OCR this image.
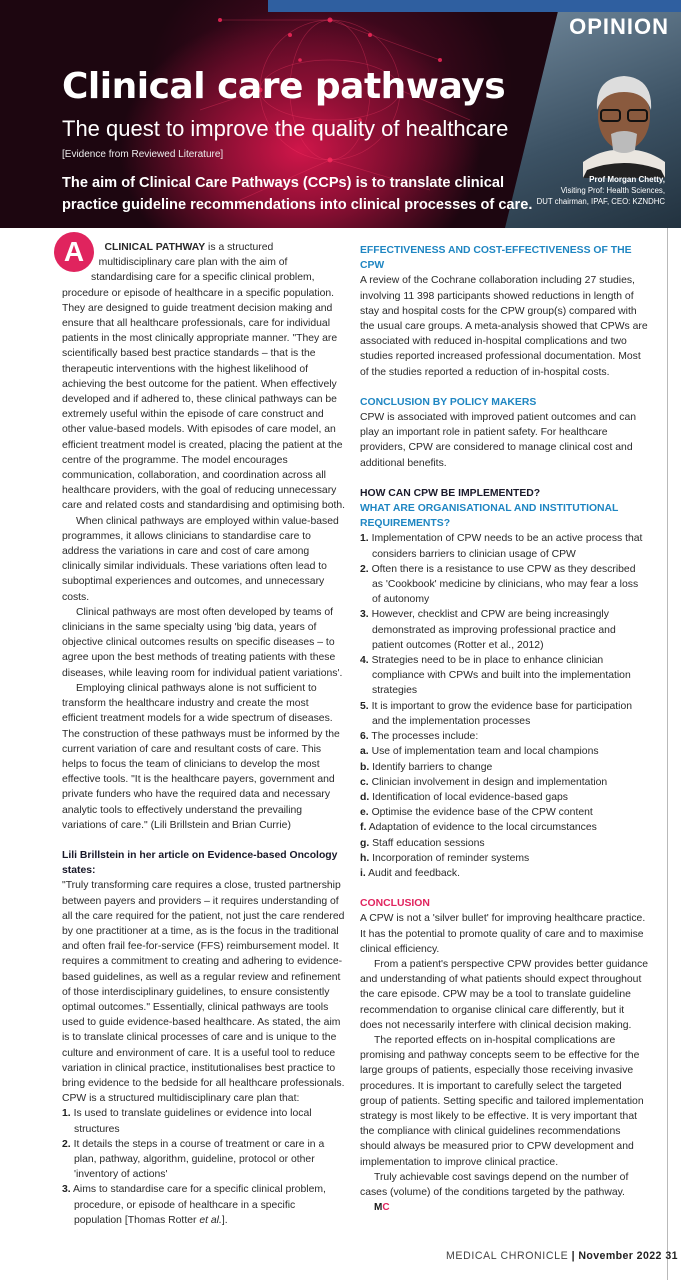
OPINION
Clinical care pathways
The quest to improve the quality of healthcare
[Evidence from Reviewed Literature]
The aim of Clinical Care Pathways (CCPs) is to translate clinical practice guideline recommendations into clinical processes of care.
Prof Morgan Chetty,
Visiting Prof: Health Sciences,
DUT chairman, IPAF, CEO: KZNDHC

A	CLINICAL PATHWAY is a structured multidisciplinary care plan with the aim of standardising care for a specific clinical problem, procedure or episode of healthcare in a specific population. They are designed to guide treatment decision making and ensure that all healthcare professionals, care for individual patients in the most clinically appropriate manner. "They are scientifically based best practice standards – that is the therapeutic interventions with the highest likelihood of achieving the best outcome for the patient. When effectively developed and if adhered to, these clinical pathways can be extremely useful within the episode of care construct and other value-based models. With episodes of care model, an efficient treatment model is created, placing the patient at the centre of the programme. The model encourages communication, collaboration, and coordination across all healthcare providers, with the goal of reducing unnecessary care and related costs and standardising and optimising both.

When clinical pathways are employed within value-based programmes, it allows clinicians to standardise care to address the variations in care and cost of care among clinically similar individuals. These variations often lead to suboptimal experiences and outcomes, and unnecessary costs.

Clinical pathways are most often developed by teams of clinicians in the same specialty using 'big data, years of objective clinical outcomes results on specific diseases – to agree upon the best methods of treating patients with these diseases, while leaving room for individual patient variations'.

Employing clinical pathways alone is not sufficient to transform the healthcare industry and create the most efficient treatment models for a wide spectrum of diseases. The construction of these pathways must be informed by the current variation of care and resultant costs of care. This helps to focus the team of clinicians to develop the most effective tools. "It is the healthcare payers, government and private funders who have the required data and necessary analytic tools to effectively understand the prevailing variations of care." (Lili Brillstein and Brian Currie)

Lili Brillstein in her article on Evidence-based Oncology states:

"Truly transforming care requires a close, trusted partnership between payers and providers – it requires understanding of all the care required for the patient, not just the care rendered by one practitioner at a time, as is the focus in the traditional and often frail fee-for-service (FFS) reimbursement model. It requires a commitment to creating and adhering to evidence-based guidelines, as well as a regular review and refinement of those interdisciplinary guidelines, to ensure consistently optimal outcomes." Essentially, clinical pathways are tools used to guide evidence-based healthcare. As stated, the aim is to translate clinical processes of care and is unique to the culture and environment of care. It is a useful tool to reduce variation in clinical practice, institutionalises best practice to bring evidence to the bedside for all healthcare professionals.

CPW is a structured multidisciplinary care plan that:

1. Is used to translate guidelines or evidence into local structures

2. It details the steps in a course of treatment or care in a plan, pathway, algorithm, guideline, protocol or other 'inventory of actions'

3. Aims to standardise care for a specific clinical problem, procedure, or episode of healthcare in a specific population [Thomas Rotter et al.].

EFFECTIVENESS AND COST-EFFECTIVENESS OF THE CPW

A review of the Cochrane collaboration including 27 studies, involving 11 398 participants showed reductions in length of stay and hospital costs for the CPW group(s) compared with the usual care groups. A meta-analysis showed that CPWs are associated with reduced in-hospital complications and two studies reported increased professional documentation. Most of the studies reported a reduction of in-hospital costs.

CONCLUSION BY POLICY MAKERS

CPW is associated with improved patient outcomes and can play an important role in patient safety. For healthcare providers, CPW are considered to manage clinical cost and additional benefits.

HOW CAN CPW BE IMPLEMENTED?

WHAT ARE ORGANISATIONAL AND INSTITUTIONAL REQUIREMENTS?

1. Implementation of CPW needs to be an active process that considers barriers to clinician usage of CPW

2. Often there is a resistance to use CPW as they described as 'Cookbook' medicine by clinicians, who may fear a loss of autonomy

3. However, checklist and CPW are being increasingly demonstrated as improving professional practice and patient outcomes (Rotter et al., 2012)

4. Strategies need to be in place to enhance clinician compliance with CPWs and built into the implementation strategies

5. It is important to grow the evidence base for participation and the implementation processes

6. The processes include:

a. Use of implementation team and local champions

b. Identify barriers to change

c. Clinician involvement in design and implementation

d. Identification of local evidence-based gaps

e. Optimise the evidence base of the CPW content

f. Adaptation of evidence to the local circumstances

g. Staff education sessions

h. Incorporation of reminder systems

i. Audit and feedback.

CONCLUSION

A CPW is not a 'silver bullet' for improving healthcare practice. It has the potential to promote quality of care and to maximise clinical efficiency.

From a patient's perspective CPW provides better guidance and understanding of what patients should expect throughout the care episode. CPW may be a tool to translate guideline recommendation to organise clinical care differently, but it does not necessarily interfere with clinical decision making.

The reported effects on in-hospital complications are promising and pathway concepts seem to be effective for the large groups of patients, especially those receiving invasive procedures. It is important to carefully select the targeted group of patients. Setting specific and tailored implementation strategy is most likely to be effective. It is very important that the compliance with clinical guidelines recommendations should always be measured prior to CPW development and implementation to improve clinical practice.

Truly achievable cost savings depend on the number of cases (volume) of the conditions targeted by the pathway. MC

MEDICAL CHRONICLE | November 2022 31
